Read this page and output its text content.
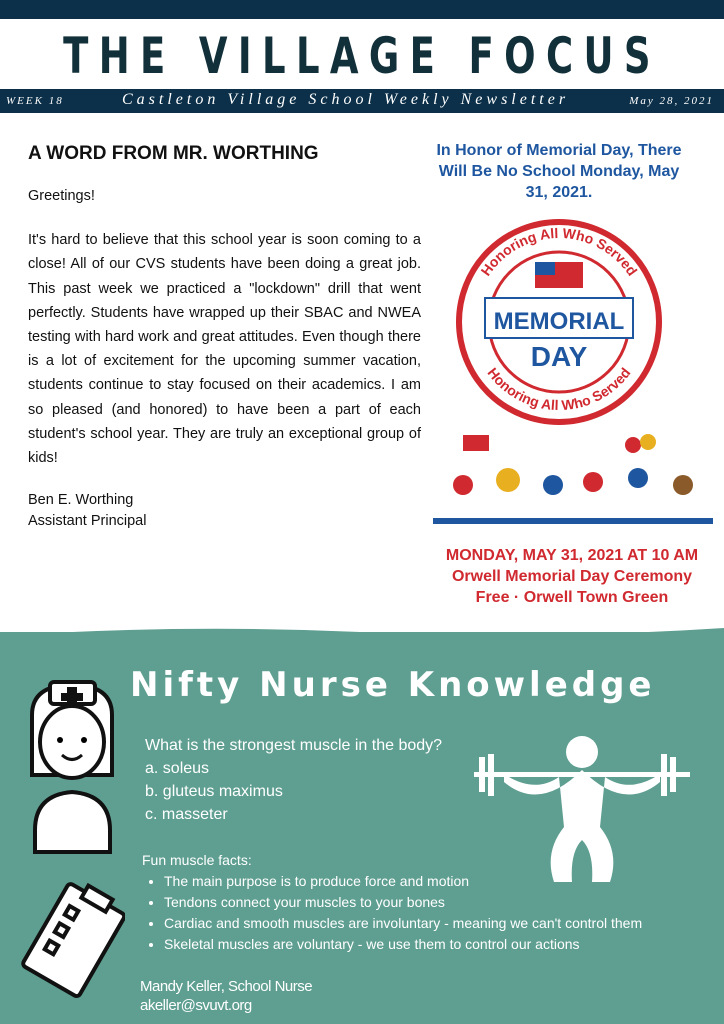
THE VILLAGE FOCUS
WEEK 18	Castleton Village School Weekly Newsletter	May 28, 2021
A WORD FROM MR. WORTHING

Greetings!

It's hard to believe that this school year is soon coming to a close! All of our CVS students have been doing a great job. This past week we practiced a "lockdown" drill that went perfectly. Students have wrapped up their SBAC and NWEA testing with hard work and great attitudes. Even though there is a lot of excitement for the upcoming summer vacation, students continue to stay focused on their academics. I am so pleased (and honored) to have been a part of each student's school year. They are truly an exceptional group of kids!

Ben E. Worthing
Assistant Principal
In Honor of Memorial Day, There Will Be No School Monday, May 31, 2021.
Honoring All Who Served
Honoring All Who Served
MEMORIAL
DAY
MONDAY, MAY 31, 2021 AT 10 AM
Orwell Memorial Day Ceremony
Free · Orwell Town Green
Nifty Nurse Knowledge
What is the strongest muscle in the body?
a. soleus
b. gluteus maximus
c. masseter
Fun muscle facts:
• The main purpose is to produce force and motion
• Tendons connect your muscles to your bones
• Cardiac and smooth muscles are involuntary - meaning we can't control them
• Skeletal muscles are voluntary - we use them to control our actions
Mandy Keller, School Nurse
akeller@svuvt.org
